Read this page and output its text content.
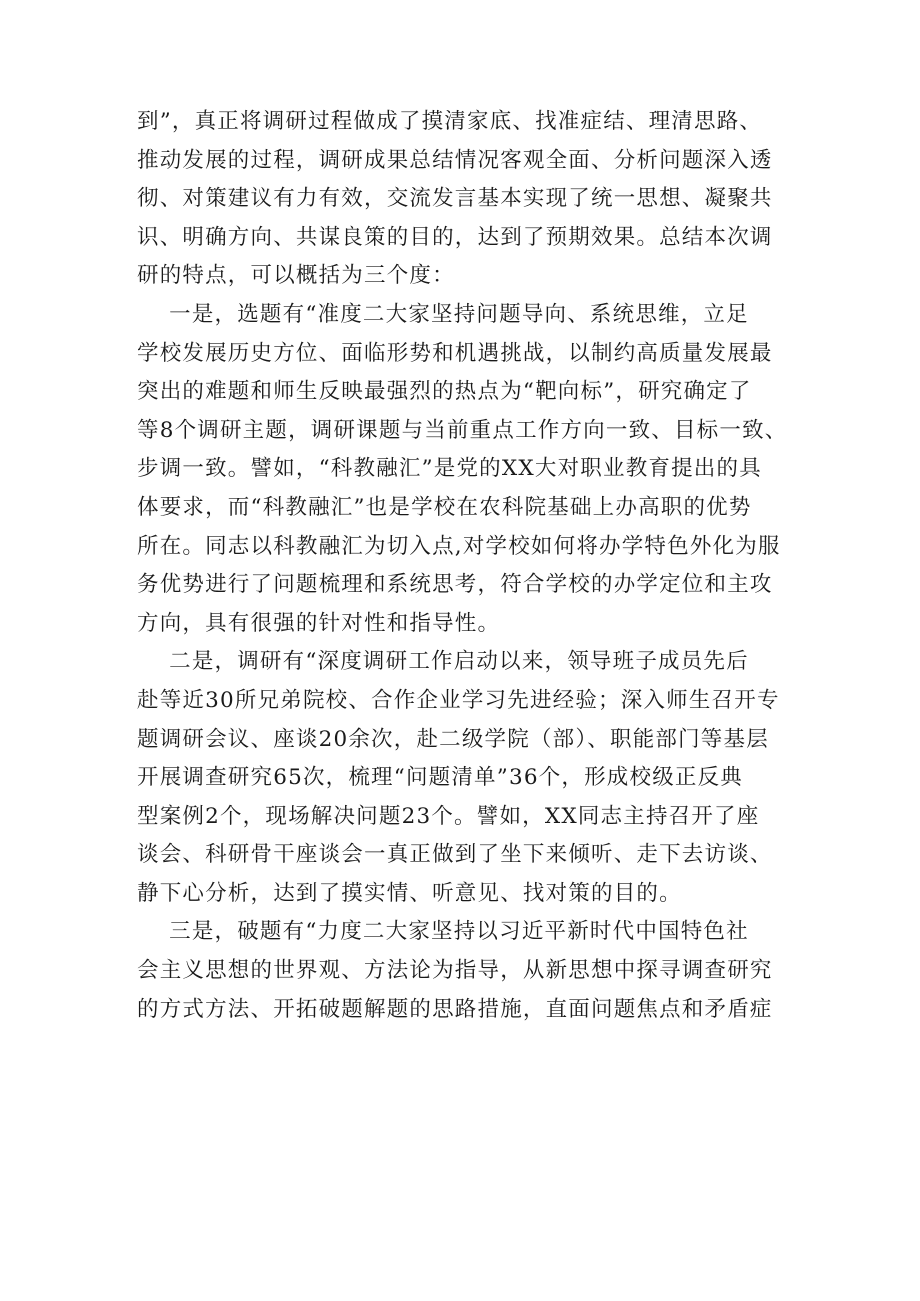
到”，真正将调研过程做成了摸清家底、找准症结、理清思路、
推动发展的过程，调研成果总结情况客观全面、分析问题深入透
彻、对策建议有力有效，交流发言基本实现了统一思想、凝聚共
识、明确方向、共谋良策的目的，达到了预期效果。总结本次调
研的特点，可以概括为三个度：
一是，选题有“准度二大家坚持问题导向、系统思维，立足
学校发展历史方位、面临形势和机遇挑战，以制约高质量发展最
突出的难题和师生反映最强烈的热点为“靶向标”，研究确定了
等8个调研主题，调研课题与当前重点工作方向一致、目标一致、
步调一致。譬如，“科教融汇”是党的XX大对职业教育提出的具
体要求，而“科教融汇”也是学校在农科院基础上办高职的优势
所在。同志以科教融汇为切入点,对学校如何将办学特色外化为服
务优势进行了问题梳理和系统思考，符合学校的办学定位和主攻
方向，具有很强的针对性和指导性。
二是，调研有“深度调研工作启动以来，领导班子成员先后
赴等近30所兄弟院校、合作企业学习先进经验；深入师生召开专
题调研会议、座谈20余次，赴二级学院（部）、职能部门等基层
开展调查研究65次，梳理“问题清单”36个，形成校级正反典
型案例2个，现场解决问题23个。譬如，XX同志主持召开了座
谈会、科研骨干座谈会一真正做到了坐下来倾听、走下去访谈、
静下心分析，达到了摸实情、听意见、找对策的目的。
三是，破题有“力度二大家坚持以习近平新时代中国特色社
会主义思想的世界观、方法论为指导，从新思想中探寻调查研究
的方式方法、开拓破题解题的思路措施，直面问题焦点和矛盾症
